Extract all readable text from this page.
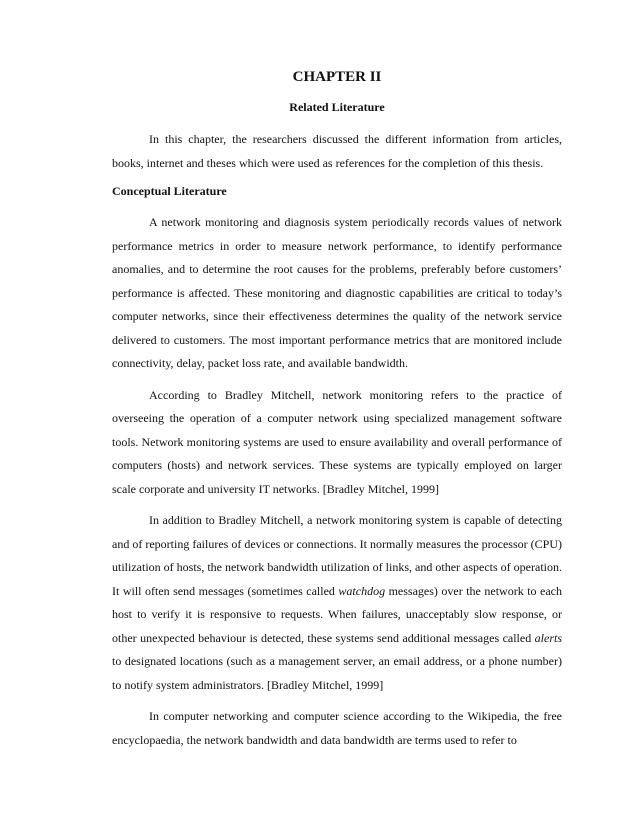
CHAPTER II
Related Literature

In this chapter, the researchers discussed the different information from articles, books, internet and theses which were used as references for the completion of this thesis.

Conceptual Literature

A network monitoring and diagnosis system periodically records values of network performance metrics in order to measure network performance, to identify performance anomalies, and to determine the root causes for the problems, preferably before customers’ performance is affected. These monitoring and diagnostic capabilities are critical to today’s computer networks, since their effectiveness determines the quality of the network service delivered to customers. The most important performance metrics that are monitored include connectivity, delay, packet loss rate, and available bandwidth.

According to Bradley Mitchell, network monitoring refers to the practice of overseeing the operation of a computer network using specialized management software tools. Network monitoring systems are used to ensure availability and overall performance of computers (hosts) and network services. These systems are typically employed on larger scale corporate and university IT networks. [Bradley Mitchel, 1999]

In addition to Bradley Mitchell, a network monitoring system is capable of detecting and of reporting failures of devices or connections. It normally measures the processor (CPU) utilization of hosts, the network bandwidth utilization of links, and other aspects of operation. It will often send messages (sometimes called watchdog messages) over the network to each host to verify it is responsive to requests. When failures, unacceptably slow response, or other unexpected behaviour is detected, these systems send additional messages called alerts to designated locations (such as a management server, an email address, or a phone number) to notify system administrators. [Bradley Mitchel, 1999]

In computer networking and computer science according to the Wikipedia, the free encyclopaedia, the network bandwidth and data bandwidth are terms used to refer to
